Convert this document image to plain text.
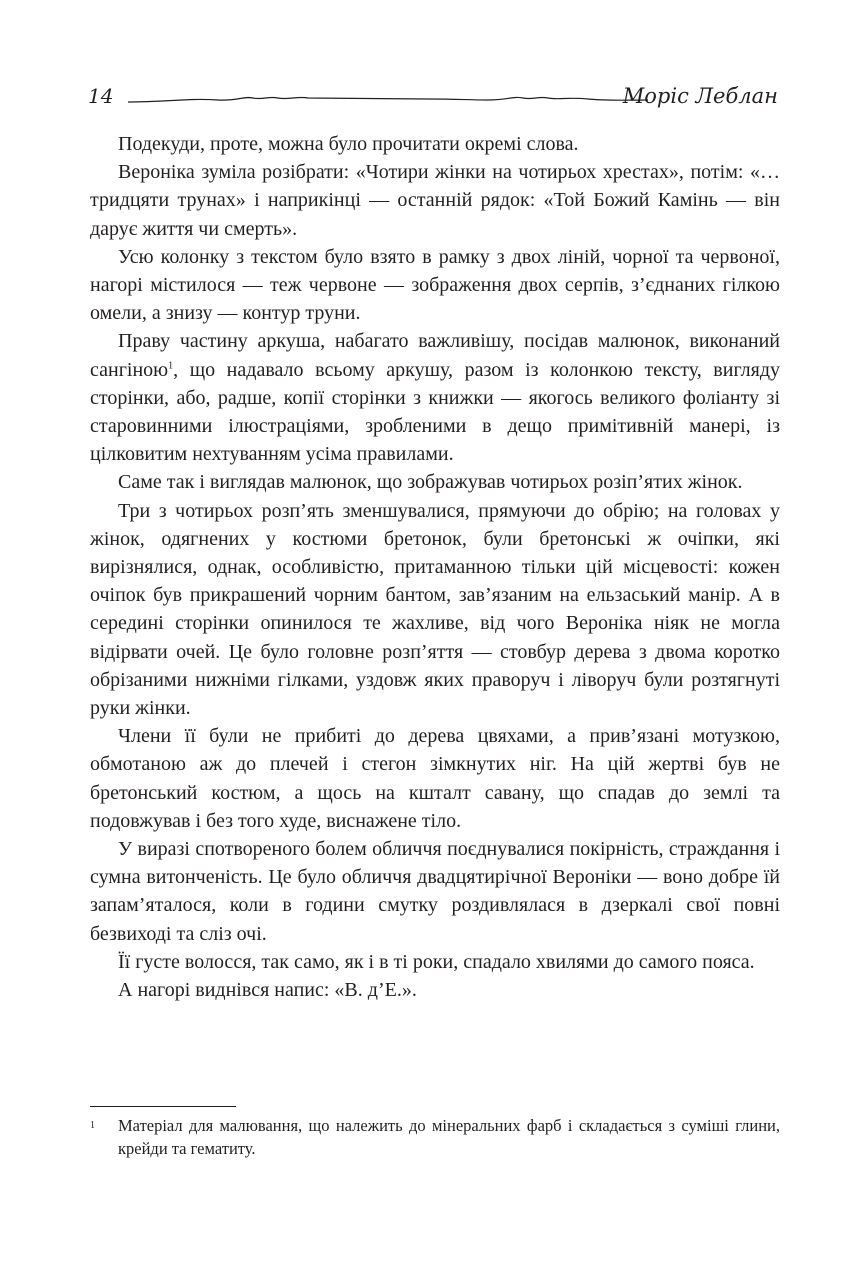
14	Моріс Леблан

Подекуди, проте, можна було прочитати окремі слова.

Вероніка зуміла розібрати: «Чотири жінки на чотирьох хрестах», потім: «…тридцяти трунах» і наприкінці — останній рядок: «Той Божий Камінь — він дарує життя чи смерть».

Усю колонку з текстом було взято в рамку з двох ліній, чорної та червоної, нагорі містилося — теж червоне — зображення двох серпів, з’єднаних гілкою омели, а знизу — контур труни.

Праву частину аркуша, набагато важливішу, посідав малюнок, виконаний сангіною$^1$, що надавало всьому аркушу, разом із колонкою тексту, вигляду сторінки, або, радше, копії сторінки з книжки — якогось великого фоліанту зі старовинними ілюстраціями, зробленими в дещо примітивній манері, із цілковитим нехтуванням усіма правилами.

Саме так і виглядав малюнок, що зображував чотирьох розіп’ятих жінок.

Три з чотирьох розп’ять зменшувалися, прямуючи до обрію; на головах у жінок, одягнених у костюми бретонок, були бретонські ж очіпки, які вирізнялися, однак, особливістю, притаманною тільки цій місцевості: кожен очіпок був прикрашений чорним бантом, зав’язаним на ельзаський манір. А в середині сторінки опинилося те жахливе, від чого Вероніка ніяк не могла відірвати очей. Це було головне розп’яття — стовбур дерева з двома коротко обрізаними нижніми гілками, уздовж яких праворуч і ліворуч були розтягнуті руки жінки.

Члени її були не прибиті до дерева цвяхами, а прив’язані мотузкою, обмотаною аж до плечей і стегон зімкнутих ніг. На цій жертві був не бретонський костюм, а щось на кшталт савану, що спадав до землі та подовжував і без того худе, виснажене тіло.

У виразі спотвореного болем обличчя поєднувалися покірність, страждання і сумна витонченість. Це було обличчя двадцятирічної Вероніки — воно добре їй запам’яталося, коли в години смутку роздивлялася в дзеркалі свої повні безвиході та сліз очі.

Її густе волосся, так само, як і в ті роки, спадало хвилями до самого пояса.

А нагорі виднівся напис: «В. д’Е.».

1 Матеріал для малювання, що належить до мінеральних фарб і складається з суміші глини, крейди та гематиту.
